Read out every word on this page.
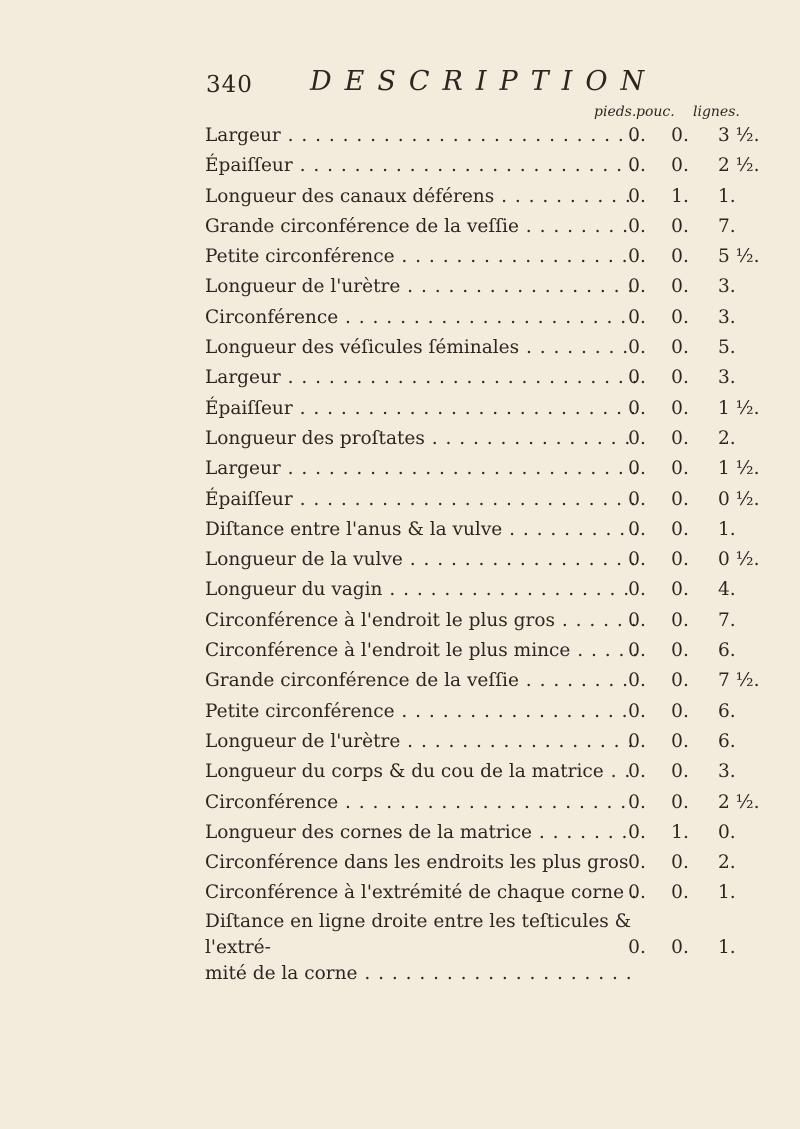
340 DESCRIPTION
pieds. pouc. lignes.
Largeur . . .	0.	0.	3 ½.
Épaiſſeur . . .	0.	0.	2 ½.
Longueur des canaux déférens . . .	0.	1.	1.
Grande circonférence de la veſſie . . .	0.	0.	7.
Petite circonférence . . .	0.	0.	5 ½.
Longueur de l'urètre . . .	0.	0.	3.
Circonférence . . .	0.	0.	3.
Longueur des véſicules ſéminales . . .	0.	0.	5.
Largeur . . .	0.	0.	3.
Épaiſſeur . . .	0.	0.	1 ½.
Longueur des proſtates . . .	0.	0.	2.
Largeur . . .	0.	0.	1 ½.
Épaiſſeur . . .	0.	0.	0 ½.
Diſtance entre l'anus & la vulve . . .	0.	0.	1.
Longueur de la vulve . . .	0.	0.	0 ½.
Longueur du vagin . . .	0.	0.	4.
Circonférence à l'endroit le plus gros . . .	0.	0.	7.
Circonférence à l'endroit le plus mince . . .	0.	0.	6.
Grande circonférence de la veſſie . . .	0.	0.	7 ½.
Petite circonférence . . .	0.	0.	6.
Longueur de l'urètre . . .	0.	0.	6.
Longueur du corps & du cou de la matrice . . .	0.	0.	3.
Circonférence . . .	0.	0.	2 ½.
Longueur des cornes de la matrice . . .	0.	1.	0.
Circonférence dans les endroits les plus gros . . . 0.	0.	2.
Circonférence à l'extrémité de chaque corne . . . 0.	0.	1.
Diſtance en ligne droite entre les teſticules & l'extré-
mité de la corne . . .
0.	0.	1.
